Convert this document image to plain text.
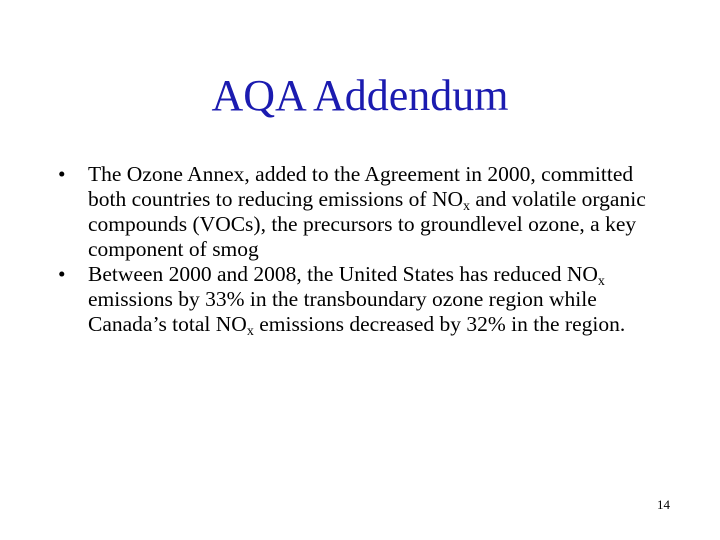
AQA Addendum

• The Ozone Annex, added to the Agreement in 2000, committed both countries to reducing emissions of $NO_x$ and volatile organic compounds (VOCs), the precursors to groundlevel ozone, a key component of smog

• Between 2000 and 2008, the United States has reduced $NO_x$ emissions by 33% in the transboundary ozone region while Canada’s total $NO_x$ emissions decreased by 32% in the region.

14
